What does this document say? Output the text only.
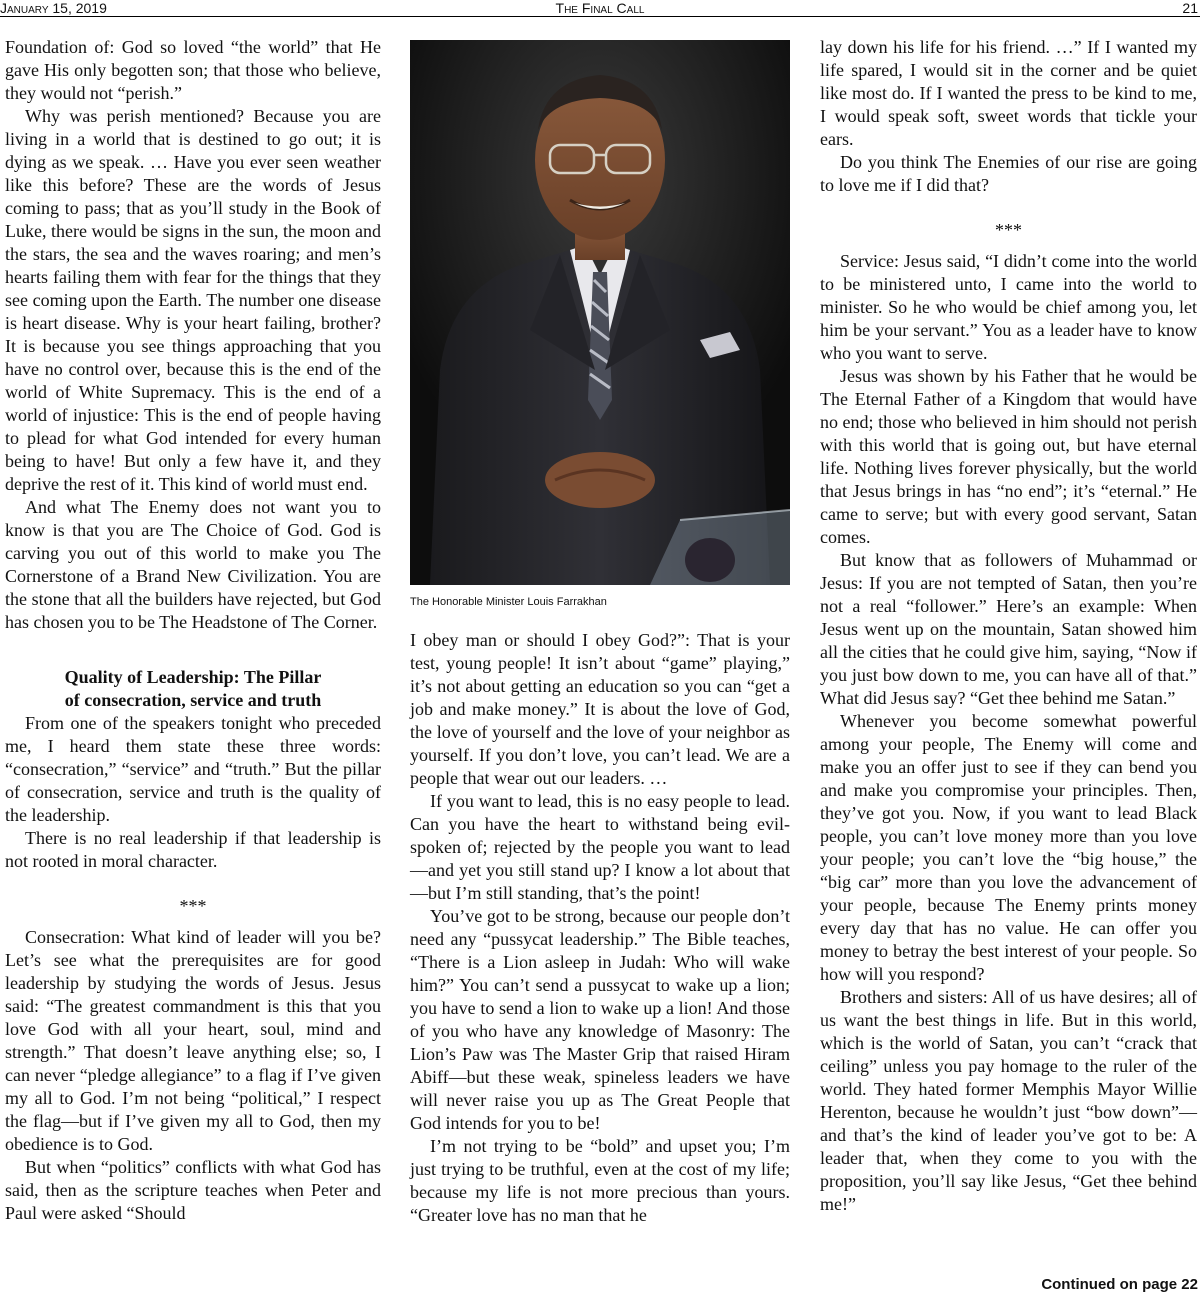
January 15, 2019	The Final Call	21

Foundation of: God so loved “the world” that He gave His only begotten son; that those who believe, they would not “perish.”

Why was perish mentioned? Because you are living in a world that is destined to go out; it is dying as we speak. … Have you ever seen weather like this before? These are the words of Jesus coming to pass; that as you’ll study in the Book of Luke, there would be signs in the sun, the moon and the stars, the sea and the waves roaring; and men’s hearts failing them with fear for the things that they see coming upon the Earth. The number one disease is heart disease. Why is your heart failing, brother? It is because you see things approaching that you have no control over, because this is the end of the world of White Supremacy. This is the end of a world of injustice: This is the end of people having to plead for what God intended for every human being to have! But only a few have it, and they deprive the rest of it. This kind of world must end.

And what The Enemy does not want you to know is that you are The Choice of God. God is carving you out of this world to make you The Cornerstone of a Brand New Civilization. You are the stone that all the builders have rejected, but God has chosen you to be The Headstone of The Corner.

Quality of Leadership: The Pillar
of consecration, service and truth

From one of the speakers tonight who preceded me, I heard them state these three words: “consecration,” “service” and “truth.” But the pillar of consecration, service and truth is the quality of the leadership.

There is no real leadership if that leadership is not rooted in moral character.

***

Consecration: What kind of leader will you be? Let’s see what the prerequisites are for good leadership by studying the words of Jesus. Jesus said: “The greatest commandment is this that you love God with all your heart, soul, mind and strength.” That doesn’t leave anything else; so, I can never “pledge allegiance” to a flag if I’ve given my all to God. I’m not being “political,” I respect the flag—but if I’ve given my all to God, then my obedience is to God.

But when “politics” conflicts with what God has said, then as the scripture teaches when Peter and Paul were asked “Should

The Honorable Minister Louis Farrakhan

I obey man or should I obey God?”: That is your test, young people! It isn’t about “game” playing,” it’s not about getting an education so you can “get a job and make money.” It is about the love of God, the love of yourself and the love of your neighbor as yourself. If you don’t love, you can’t lead. We are a people that wear out our leaders. …

If you want to lead, this is no easy people to lead. Can you have the heart to withstand being evil-spoken of; rejected by the people you want to lead—and yet you still stand up? I know a lot about that—but I’m still standing, that’s the point!

You’ve got to be strong, because our people don’t need any “pussycat leadership.” The Bible teaches, “There is a Lion asleep in Judah: Who will wake him?” You can’t send a pussycat to wake up a lion; you have to send a lion to wake up a lion! And those of you who have any knowledge of Masonry: The Lion’s Paw was The Master Grip that raised Hiram Abiff—but these weak, spineless leaders we have will never raise you up as The Great People that God intends for you to be!

I’m not trying to be “bold” and upset you; I’m just trying to be truthful, even at the cost of my life; because my life is not more precious than yours. “Greater love has no man that he

lay down his life for his friend. …” If I wanted my life spared, I would sit in the corner and be quiet like most do. If I wanted the press to be kind to me, I would speak soft, sweet words that tickle your ears.

Do you think The Enemies of our rise are going to love me if I did that?

***

Service: Jesus said, “I didn’t come into the world to be ministered unto, I came into the world to minister. So he who would be chief among you, let him be your servant.” You as a leader have to know who you want to serve.

Jesus was shown by his Father that he would be The Eternal Father of a Kingdom that would have no end; those who believed in him should not perish with this world that is going out, but have eternal life. Nothing lives forever physically, but the world that Jesus brings in has “no end”; it’s “eternal.” He came to serve; but with every good servant, Satan comes.

But know that as followers of Muhammad or Jesus: If you are not tempted of Satan, then you’re not a real “follower.” Here’s an example: When Jesus went up on the mountain, Satan showed him all the cities that he could give him, saying, “Now if you just bow down to me, you can have all of that.” What did Jesus say? “Get thee behind me Satan.”

Whenever you become somewhat powerful among your people, The Enemy will come and make you an offer just to see if they can bend you and make you compromise your principles. Then, they’ve got you. Now, if you want to lead Black people, you can’t love money more than you love your people; you can’t love the “big house,” the “big car” more than you love the advancement of your people, because The Enemy prints money every day that has no value. He can offer you money to betray the best interest of your people. So how will you respond?

Brothers and sisters: All of us have desires; all of us want the best things in life. But in this world, which is the world of Satan, you can’t “crack that ceiling” unless you pay homage to the ruler of the world. They hated former Memphis Mayor Willie Herenton, because he wouldn’t just “bow down”—and that’s the kind of leader you’ve got to be: A leader that, when they come to you with the proposition, you’ll say like Jesus, “Get thee behind me!”

Continued on page 22
